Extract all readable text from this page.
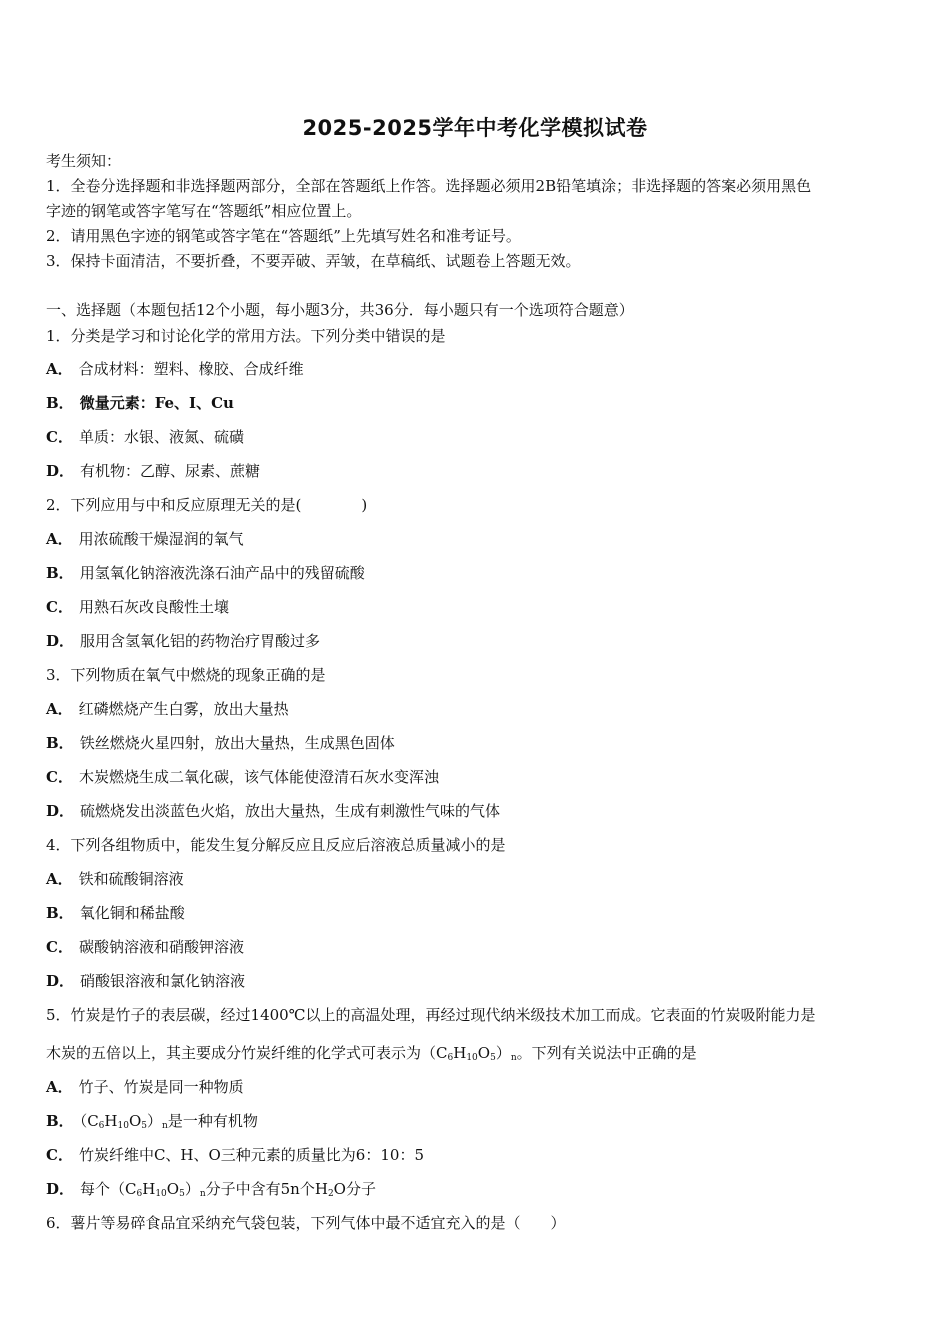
2025-2025学年中考化学模拟试卷
考生须知：
1．全卷分选择题和非选择题两部分，全部在答题纸上作答。选择题必须用2B铅笔填涂；非选择题的答案必须用黑色
字迹的钢笔或答字笔写在“答题纸”相应位置上。
2．请用黑色字迹的钢笔或答字笔在“答题纸”上先填写姓名和准考证号。
3．保持卡面清洁，不要折叠，不要弄破、弄皱，在草稿纸、试题卷上答题无效。
一、选择题（本题包括12个小题，每小题3分，共36分．每小题只有一个选项符合题意）
1．分类是学习和讨论化学的常用方法。下列分类中错误的是
A． 合成材料：塑料、橡胶、合成纤维
B． 微量元素：Fe、I、Cu
C． 单质：水银、液氮、硫磺
D． 有机物：乙醇、尿素、蔗糖
2．下列应用与中和反应原理无关的是(　　　　)
A． 用浓硫酸干燥湿润的氧气
B． 用氢氧化钠溶液洗涤石油产品中的残留硫酸
C． 用熟石灰改良酸性土壤
D． 服用含氢氧化铝的药物治疗胃酸过多
3．下列物质在氧气中燃烧的现象正确的是
A． 红磷燃烧产生白雾，放出大量热
B． 铁丝燃烧火星四射，放出大量热，生成黑色固体
C． 木炭燃烧生成二氧化碳，该气体能使澄清石灰水变浑浊
D． 硫燃烧发出淡蓝色火焰，放出大量热，生成有刺激性气味的气体
4．下列各组物质中，能发生复分解反应且反应后溶液总质量减小的是
A． 铁和硫酸铜溶液
B． 氧化铜和稀盐酸
C． 碳酸钠溶液和硝酸钾溶液
D． 硝酸银溶液和氯化钠溶液
5．竹炭是竹子的表层碳，经过1400℃以上的高温处理，再经过现代纳米级技术加工而成。它表面的竹炭吸附能力是
木炭的五倍以上，其主要成分竹炭纤维的化学式可表示为$(C_6H_{10}O_5)_n$。下列有关说法中正确的是
A． 竹子、竹炭是同一种物质
B． $(C_6H_{10}O_5)_n$是一种有机物
C． 竹炭纤维中C、H、O三种元素的质量比为6：10：5
D． 每个$(C_6H_{10}O_5)_n$分子中含有5n个$H_2O$分子
6．薯片等易碎食品宜采纳充气袋包装，下列气体中最不适宜充入的是（　　）
